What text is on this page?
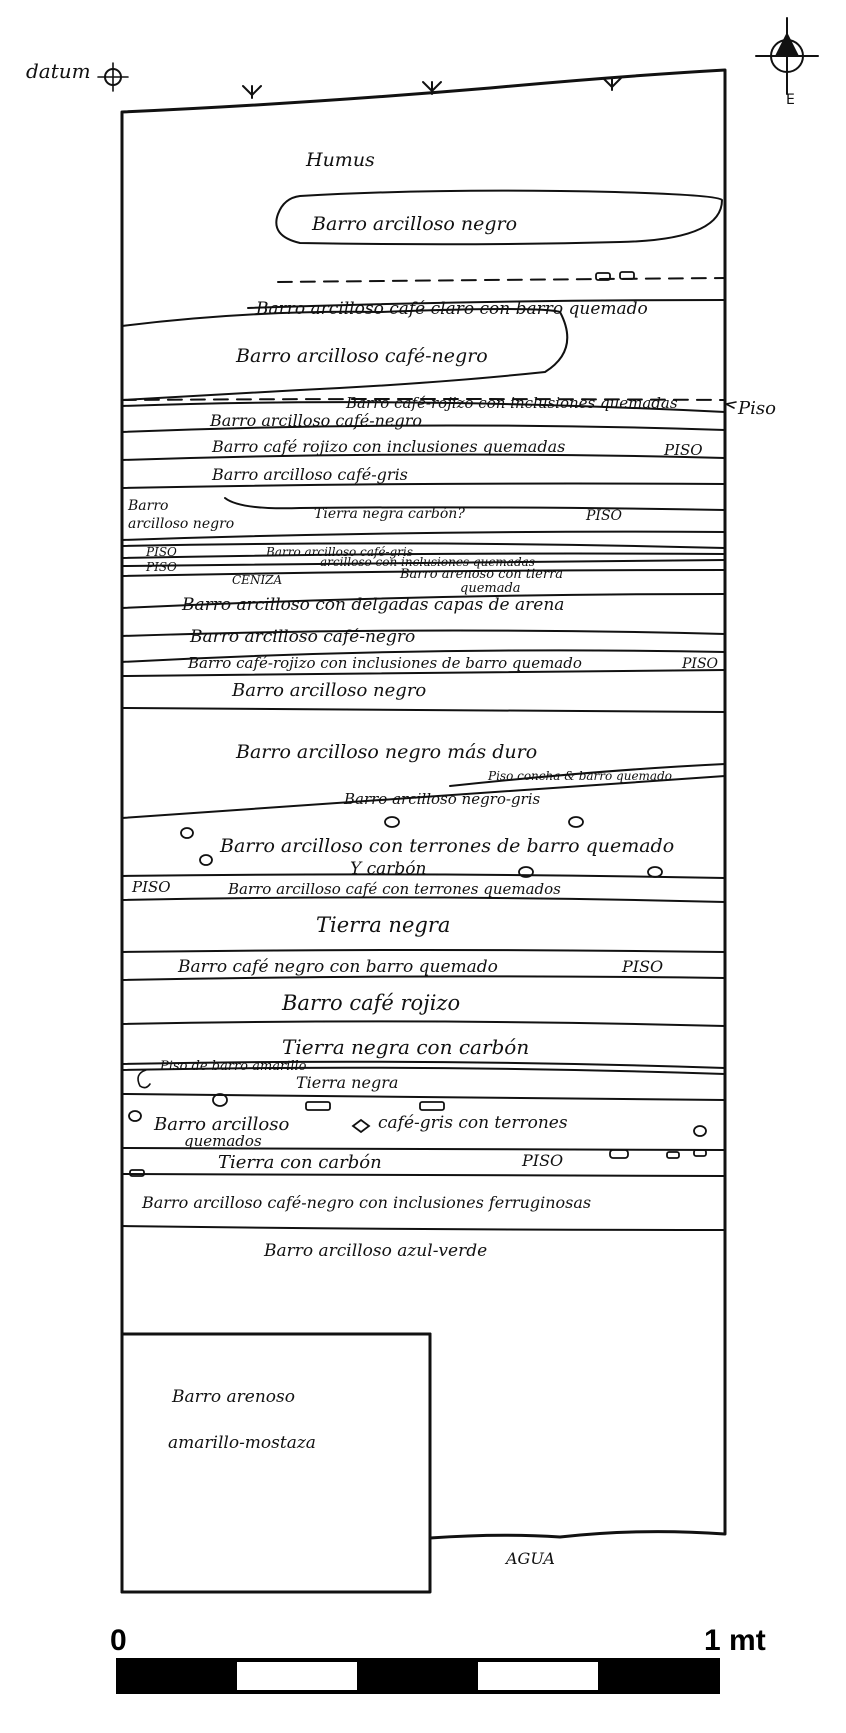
datum
E
Humus
Barro arcilloso negro
Barro arcilloso café claro con barro quemado
Barro arcilloso café-negro
Barro café-rojizo con inclusiones quemadas	Piso
Barro arcilloso café-negro
Barro café rojizo con inclusiones quemadas	PISO
Barro arcilloso café-gris
Barro
arcilloso negro
Tierra negra carbón?	PISO
PISO
PISO
Barro arcilloso café-gris
arcilloso con inclusiones quemadas
Barro arenoso con tierra
quemada
CENIZA
Barro arcilloso con delgadas capas de arena
Barro arcilloso café-negro
Barro café-rojizo con inclusiones de barro quemado	PISO
Barro arcilloso negro
Barro arcilloso negro más duro
Piso concha & barro quemado
Barro arcilloso negro-gris
Barro arcilloso con terrones de barro quemado
Y carbón
PISO	Barro arcilloso café con terrones quemados
Tierra negra
Barro café negro con barro quemado	PISO
Barro café rojizo
Tierra negra con carbón
Piso de barro amarillo
Tierra negra
Barro arcilloso	café-gris con terrones
quemados
Tierra con carbón	PISO
Barro arcilloso café-negro con inclusiones ferruginosas
Barro arcilloso azul-verde
Barro arenoso
amarillo-mostaza
AGUA
0	1 mt
